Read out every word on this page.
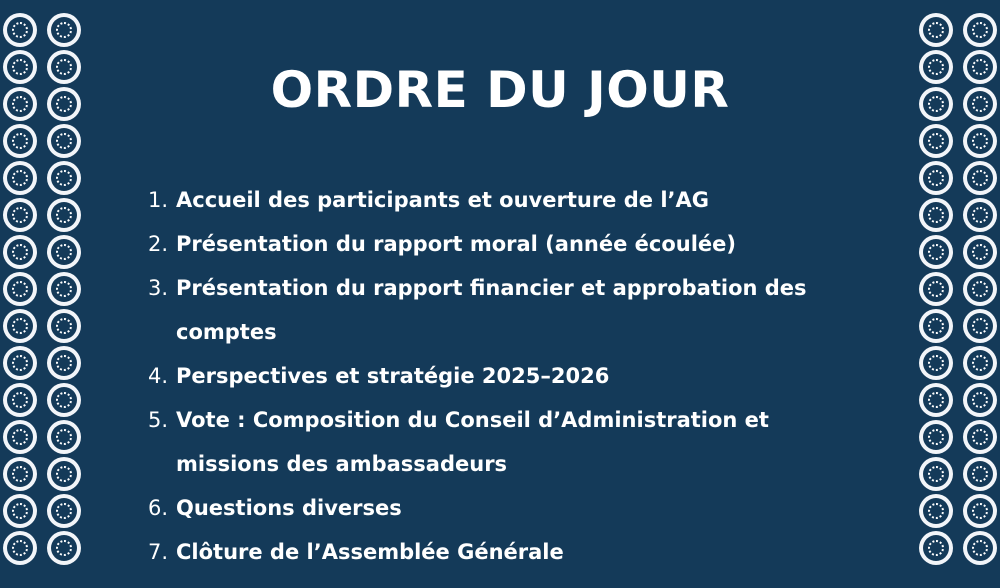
ORDRE DU JOUR
1. Accueil des participants et ouverture de l’AG
2. Présentation du rapport moral (année écoulée)
3. Présentation du rapport financier et approbation des comptes
4. Perspectives et stratégie 2025–2026
5. Vote : Composition du Conseil d’Administration et missions des ambassadeurs
6. Questions diverses
7. Clôture de l’Assemblée Générale
